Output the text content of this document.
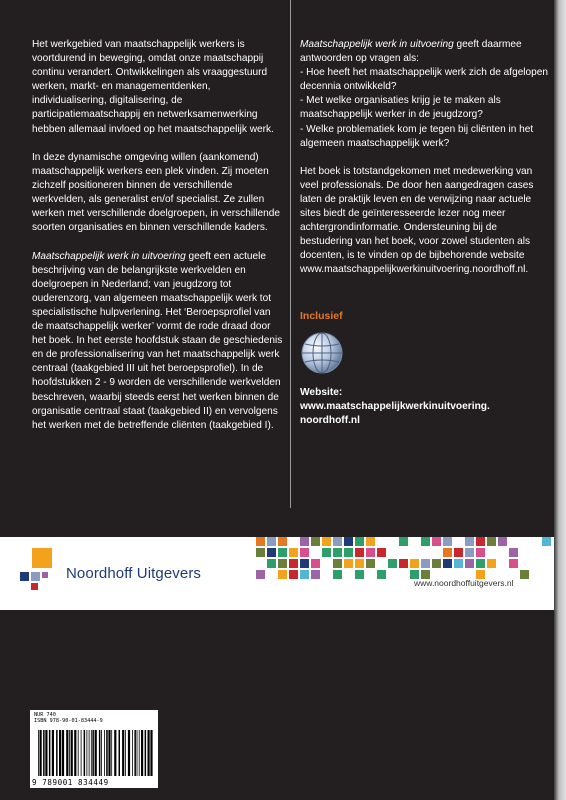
Het werkgebied van maatschappelijk werkers is voortdurend in beweging, omdat onze maatschappij continu verandert. Ontwikkelingen als vraaggestuurd werken, markt- en managementdenken, individualisering, digitalisering, de participatiemaatschappij en netwerksamenwerking hebben allemaal invloed op het maatschappelijk werk.

In deze dynamische omgeving willen (aankomend) maatschappelijk werkers een plek vinden. Zij moeten zichzelf positioneren binnen de verschillende werkvelden, als generalist en/of specialist. Ze zullen werken met verschillende doelgroepen, in verschillende soorten organisaties en binnen verschillende kaders.

Maatschappelijk werk in uitvoering geeft een actuele beschrijving van de belangrijkste werkvelden en doelgroepen in Nederland; van jeugdzorg tot ouderenzorg, van algemeen maatschappelijk werk tot specialistische hulpverlening. Het ‘Beroepsprofiel van de maatschappelijk werker’ vormt de rode draad door het boek. In het eerste hoofdstuk staan de geschiedenis en de professionalisering van het maatschappelijk werk centraal (taakgebied III uit het beroepsprofiel). In de hoofdstukken 2 - 9 worden de verschillende werkvelden beschreven, waarbij steeds eerst het werken binnen de organisatie centraal staat (taakgebied II) en vervolgens het werken met de betreffende cliënten (taakgebied I).

Maatschappelijk werk in uitvoering geeft daarmee antwoorden op vragen als:

- Hoe heeft het maatschappelijk werk zich de afgelopen decennia ontwikkeld?

- Met welke organisaties krijg je te maken als maatschappelijk werker in de jeugdzorg?

- Welke problematiek kom je tegen bij cliënten in het algemeen maatschappelijk werk?

Het boek is totstandgekomen met medewerking van veel professionals. De door hen aangedragen cases laten de praktijk leven en de verwijzing naar actuele sites biedt de geïnteresseerde lezer nog meer achtergrondinformatie. Ondersteuning bij de bestudering van het boek, voor zowel studenten als docenten, is te vinden op de bijbehorende website www.maatschappelijkwerkinuitvoering.noordhoff.nl.

Inclusief
Website:
www.maatschappelijkwerkinuitvoering.
noordhoff.nl
Noordhoff Uitgevers
www.noordhoffuitgevers.nl
NUR 740
ISBN 978-90-01-83444-9
9 789001 834449
